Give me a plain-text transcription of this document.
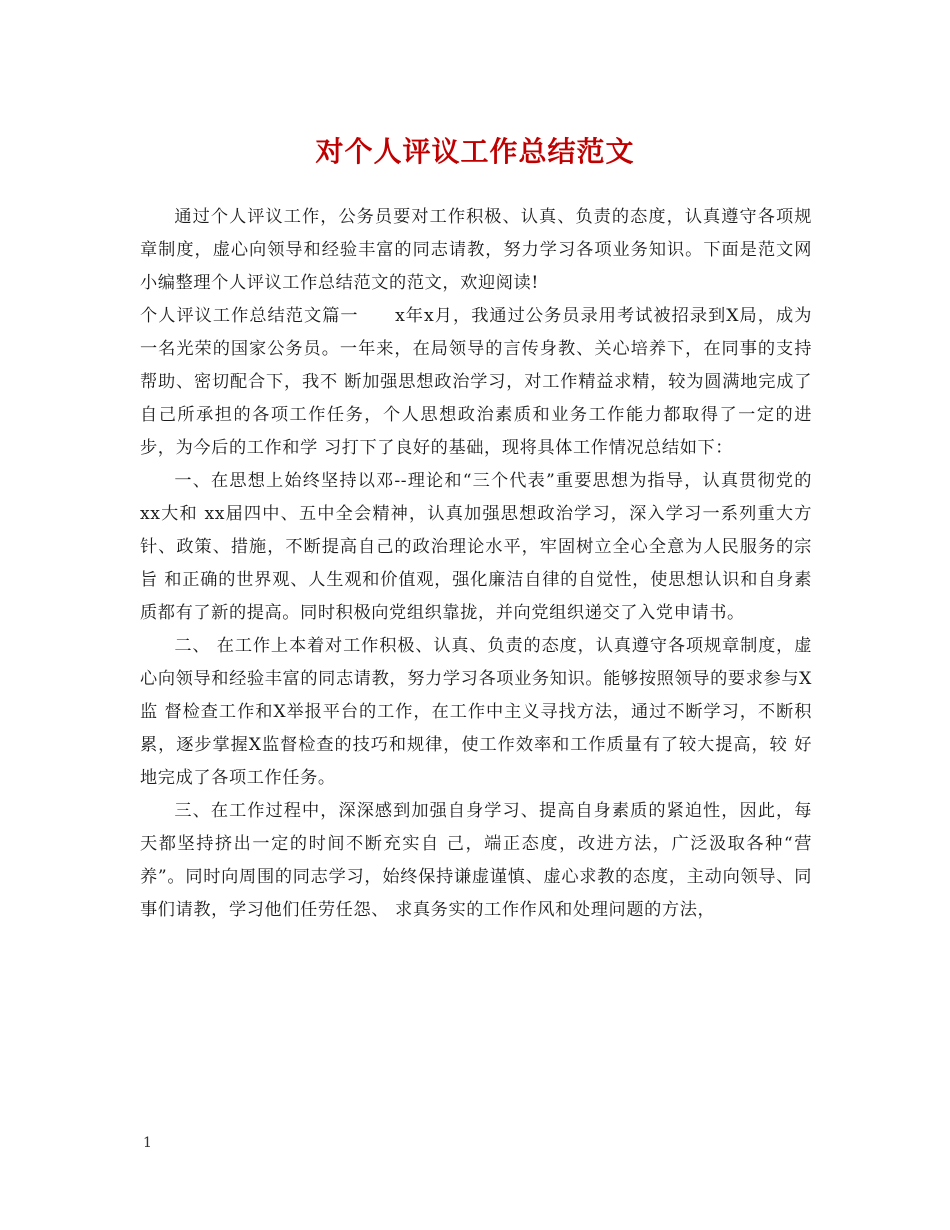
对个人评议工作总结范文

通过个人评议工作，公务员要对工作积极、认真、负责的态度，认真遵守各项规章制度，虚心向领导和经验丰富的同志请教，努力学习各项业务知识。下面是范文网小编整理个人评议工作总结范文的范文，欢迎阅读!

个人评议工作总结范文篇一　　x年x月，我通过公务员录用考试被招录到X局，成为一名光荣的国家公务员。一年来，在局领导的言传身教、关心培养下，在同事的支持帮助、密切配合下，我不 断加强思想政治学习，对工作精益求精，较为圆满地完成了自己所承担的各项工作任务，个人思想政治素质和业务工作能力都取得了一定的进步，为今后的工作和学 习打下了良好的基础，现将具体工作情况总结如下：

一、在思想上始终坚持以邓--理论和“三个代表”重要思想为指导，认真贯彻党的xx大和 xx届四中、五中全会精神，认真加强思想政治学习，深入学习一系列重大方针、政策、措施，不断提高自己的政治理论水平，牢固树立全心全意为人民服务的宗旨 和正确的世界观、人生观和价值观，强化廉洁自律的自觉性，使思想认识和自身素质都有了新的提高。同时积极向党组织靠拢，并向党组织递交了入党申请书。

二、 在工作上本着对工作积极、认真、负责的态度，认真遵守各项规章制度，虚心向领导和经验丰富的同志请教，努力学习各项业务知识。能够按照领导的要求参与X监 督检查工作和X举报平台的工作，在工作中主义寻找方法，通过不断学习，不断积累，逐步掌握X监督检查的技巧和规律，使工作效率和工作质量有了较大提高，较 好地完成了各项工作任务。

三、在工作过程中，深深感到加强自身学习、提高自身素质的紧迫性，因此，每天都坚持挤出一定的时间不断充实自 己，端正态度，改进方法，广泛汲取各种“营养”。同时向周围的同志学习，始终保持谦虚谨慎、虚心求教的态度，主动向领导、同事们请教，学习他们任劳任怨、 求真务实的工作作风和处理问题的方法，

1
